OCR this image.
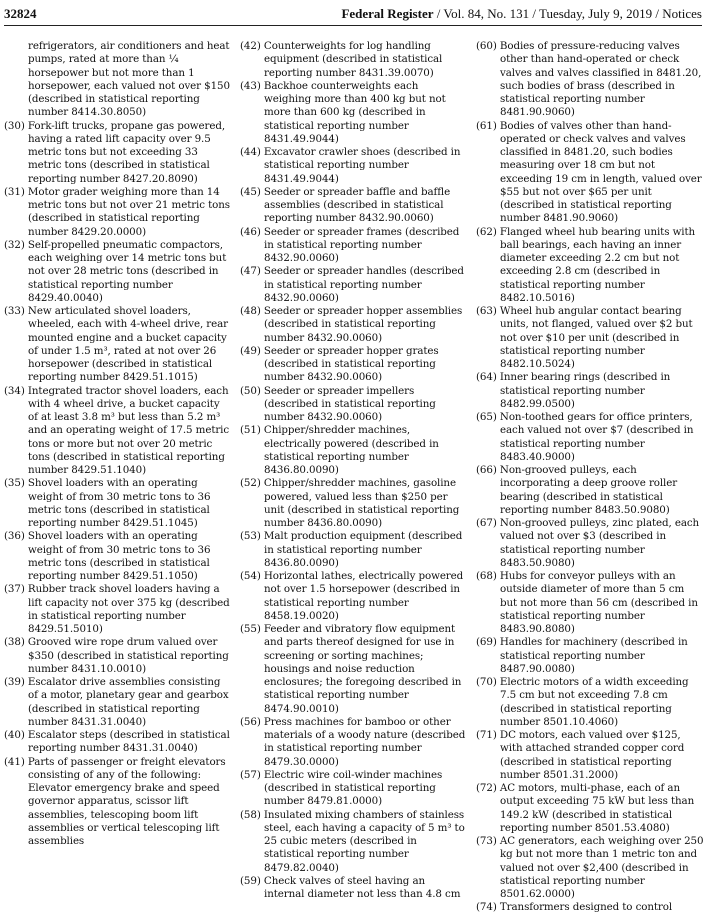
32824	Federal Register / Vol. 84, No. 131 / Tuesday, July 9, 2019 / Notices

refrigerators, air conditioners and heat pumps, rated at more than ¼ horsepower but not more than 1 horsepower, each valued not over $150 (described in statistical reporting number 8414.30.8050)

(30) Fork-lift trucks, propane gas powered, having a rated lift capacity over 9.5 metric tons but not exceeding 33 metric tons (described in statistical reporting number 8427.20.8090)

(31) Motor grader weighing more than 14 metric tons but not over 21 metric tons (described in statistical reporting number 8429.20.0000)

(32) Self-propelled pneumatic compactors, each weighing over 14 metric tons but not over 28 metric tons (described in statistical reporting number 8429.40.0040)

(33) New articulated shovel loaders, wheeled, each with 4-wheel drive, rear mounted engine and a bucket capacity of under 1.5 m³, rated at not over 26 horsepower (described in statistical reporting number 8429.51.1015)

(34) Integrated tractor shovel loaders, each with 4 wheel drive, a bucket capacity of at least 3.8 m³ but less than 5.2 m³ and an operating weight of 17.5 metric tons or more but not over 20 metric tons (described in statistical reporting number 8429.51.1040)

(35) Shovel loaders with an operating weight of from 30 metric tons to 36 metric tons (described in statistical reporting number 8429.51.1045)

(36) Shovel loaders with an operating weight of from 30 metric tons to 36 metric tons (described in statistical reporting number 8429.51.1050)

(37) Rubber track shovel loaders having a lift capacity not over 375 kg (described in statistical reporting number 8429.51.5010)

(38) Grooved wire rope drum valued over $350 (described in statistical reporting number 8431.10.0010)

(39) Escalator drive assemblies consisting of a motor, planetary gear and gearbox (described in statistical reporting number 8431.31.0040)

(40) Escalator steps (described in statistical reporting number 8431.31.0040)

(41) Parts of passenger or freight elevators consisting of any of the following: Elevator emergency brake and speed governor apparatus, scissor lift assemblies, telescoping boom lift assemblies or vertical telescoping lift assemblies

(42) Counterweights for log handling equipment (described in statistical reporting number 8431.39.0070)

(43) Backhoe counterweights each weighing more than 400 kg but not more than 600 kg (described in statistical reporting number 8431.49.9044)

(44) Excavator crawler shoes (described in statistical reporting number 8431.49.9044)

(45) Seeder or spreader baffle and baffle assemblies (described in statistical reporting number 8432.90.0060)

(46) Seeder or spreader frames (described in statistical reporting number 8432.90.0060)

(47) Seeder or spreader handles (described in statistical reporting number 8432.90.0060)

(48) Seeder or spreader hopper assemblies (described in statistical reporting number 8432.90.0060)

(49) Seeder or spreader hopper grates (described in statistical reporting number 8432.90.0060)

(50) Seeder or spreader impellers (described in statistical reporting number 8432.90.0060)

(51) Chipper/shredder machines, electrically powered (described in statistical reporting number 8436.80.0090)

(52) Chipper/shredder machines, gasoline powered, valued less than $250 per unit (described in statistical reporting number 8436.80.0090)

(53) Malt production equipment (described in statistical reporting number 8436.80.0090)

(54) Horizontal lathes, electrically powered not over 1.5 horsepower (described in statistical reporting number 8458.19.0020)

(55) Feeder and vibratory flow equipment and parts thereof designed for use in screening or sorting machines; housings and noise reduction enclosures; the foregoing described in statistical reporting number 8474.90.0010)

(56) Press machines for bamboo or other materials of a woody nature (described in statistical reporting number 8479.30.0000)

(57) Electric wire coil-winder machines (described in statistical reporting number 8479.81.0000)

(58) Insulated mixing chambers of stainless steel, each having a capacity of 5 m³ to 25 cubic meters (described in statistical reporting number 8479.82.0040)

(59) Check valves of steel having an internal diameter not less than 4.8 cm

(60) Bodies of pressure-reducing valves other than hand-operated or check valves and valves classified in 8481.20, such bodies of brass (described in statistical reporting number 8481.90.9060)

(61) Bodies of valves other than hand-operated or check valves and valves classified in 8481.20, such bodies measuring over 18 cm but not exceeding 19 cm in length, valued over $55 but not over $65 per unit (described in statistical reporting number 8481.90.9060)

(62) Flanged wheel hub bearing units with ball bearings, each having an inner diameter exceeding 2.2 cm but not exceeding 2.8 cm (described in statistical reporting number 8482.10.5016)

(63) Wheel hub angular contact bearing units, not flanged, valued over $2 but not over $10 per unit (described in statistical reporting number 8482.10.5024)

(64) Inner bearing rings (described in statistical reporting number 8482.99.0500)

(65) Non-toothed gears for office printers, each valued not over $7 (described in statistical reporting number 8483.40.9000)

(66) Non-grooved pulleys, each incorporating a deep groove roller bearing (described in statistical reporting number 8483.50.9080)

(67) Non-grooved pulleys, zinc plated, each valued not over $3 (described in statistical reporting number 8483.50.9080)

(68) Hubs for conveyor pulleys with an outside diameter of more than 5 cm but not more than 56 cm (described in statistical reporting number 8483.90.8080)

(69) Handles for machinery (described in statistical reporting number 8487.90.0080)

(70) Electric motors of a width exceeding 7.5 cm but not exceeding 7.8 cm (described in statistical reporting number 8501.10.4060)

(71) DC motors, each valued over $125, with attached stranded copper cord (described in statistical reporting number 8501.31.2000)

(72) AC motors, multi-phase, each of an output exceeding 75 kW but less than 149.2 kW (described in statistical reporting number 8501.53.4080)

(73) AC generators, each weighing over 250 kg but not more than 1 metric ton and valued not over $2,400 (described in statistical reporting number 8501.62.0000)

(74) Transformers designed to control
